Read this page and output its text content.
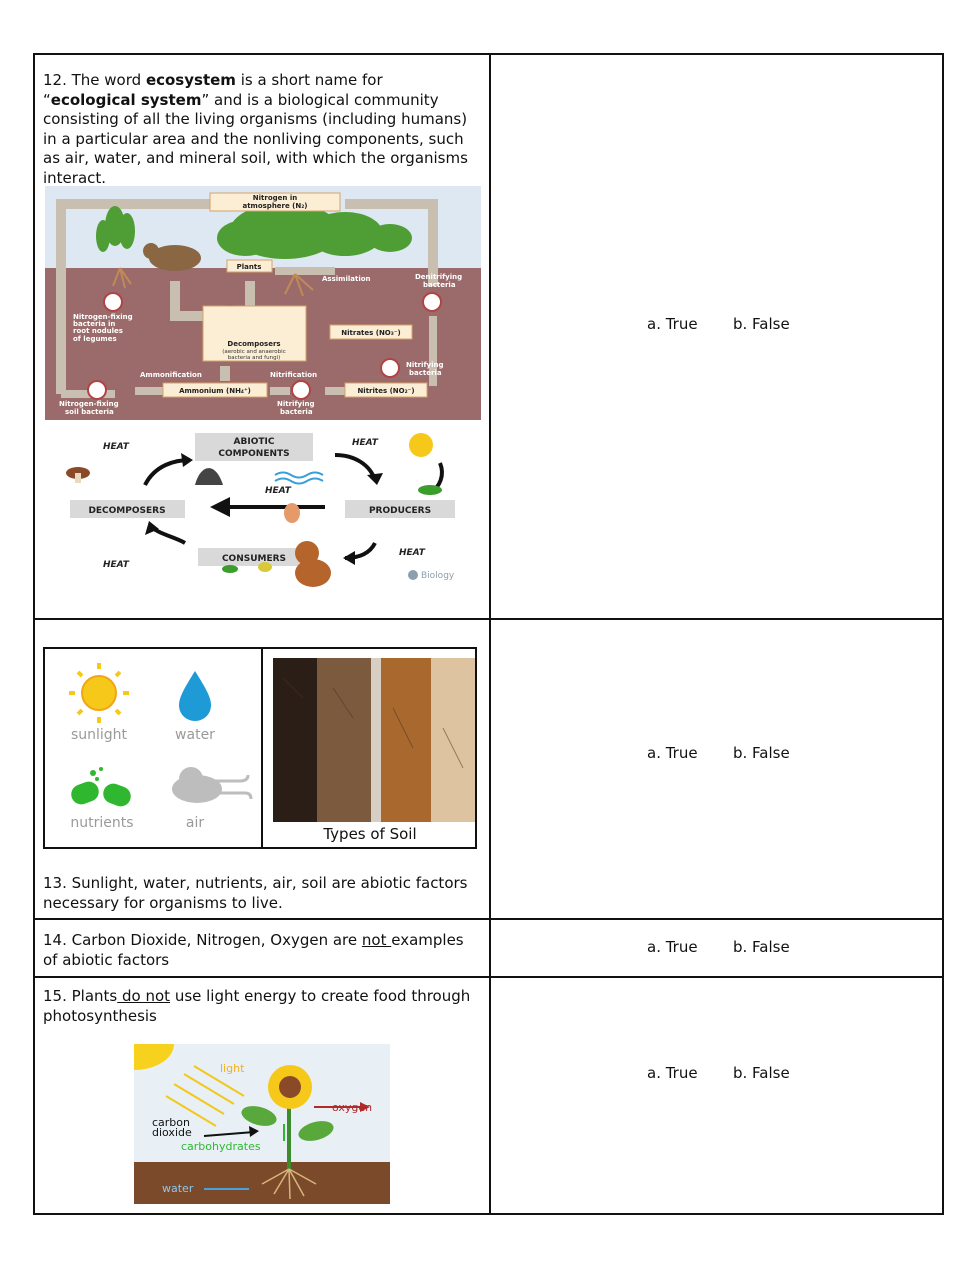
12. The word ecosystem is a short name for “ecological system” and is a biological community consisting of all the living organisms (including humans) in a particular area and the nonliving components, such as air, water, and mineral soil, with which the organisms interact.
Nitrogen in
atmosphere (N₂)
Plants
Assimilation	Denitrifying
bacteria
Nitrogen-fixing
bacteria in
root nodules
of legumes
Decomposers
(aerobic and anaerobic
bacteria and fungi)
Nitrates (NO₃⁻)
Nitrifying
bacteria
Ammonification	Nitrification
Ammonium (NH₄⁺)	Nitrites (NO₂⁻)
Nitrogen-fixing
soil bacteria
Nitrifying
bacteria
ABIOTIC
COMPONENTS
DECOMPOSERS	PRODUCERS
CONSUMERS
HEAT	HEAT
HEAT
HEAT
HEAT
Biology
a. True b. False
sunlight	water
nutrients	air
Types of Soil
13. Sunlight, water, nutrients, air, soil are abiotic factors necessary for organisms to live.
a. True b. False
14. Carbon Dioxide, Nitrogen, Oxygen are not examples of abiotic factors
a. True b. False
15. Plants do not use light energy to create food through photosynthesis
light
oxygen
carbon
dioxide
carbohydrates
water
a. True b. False
